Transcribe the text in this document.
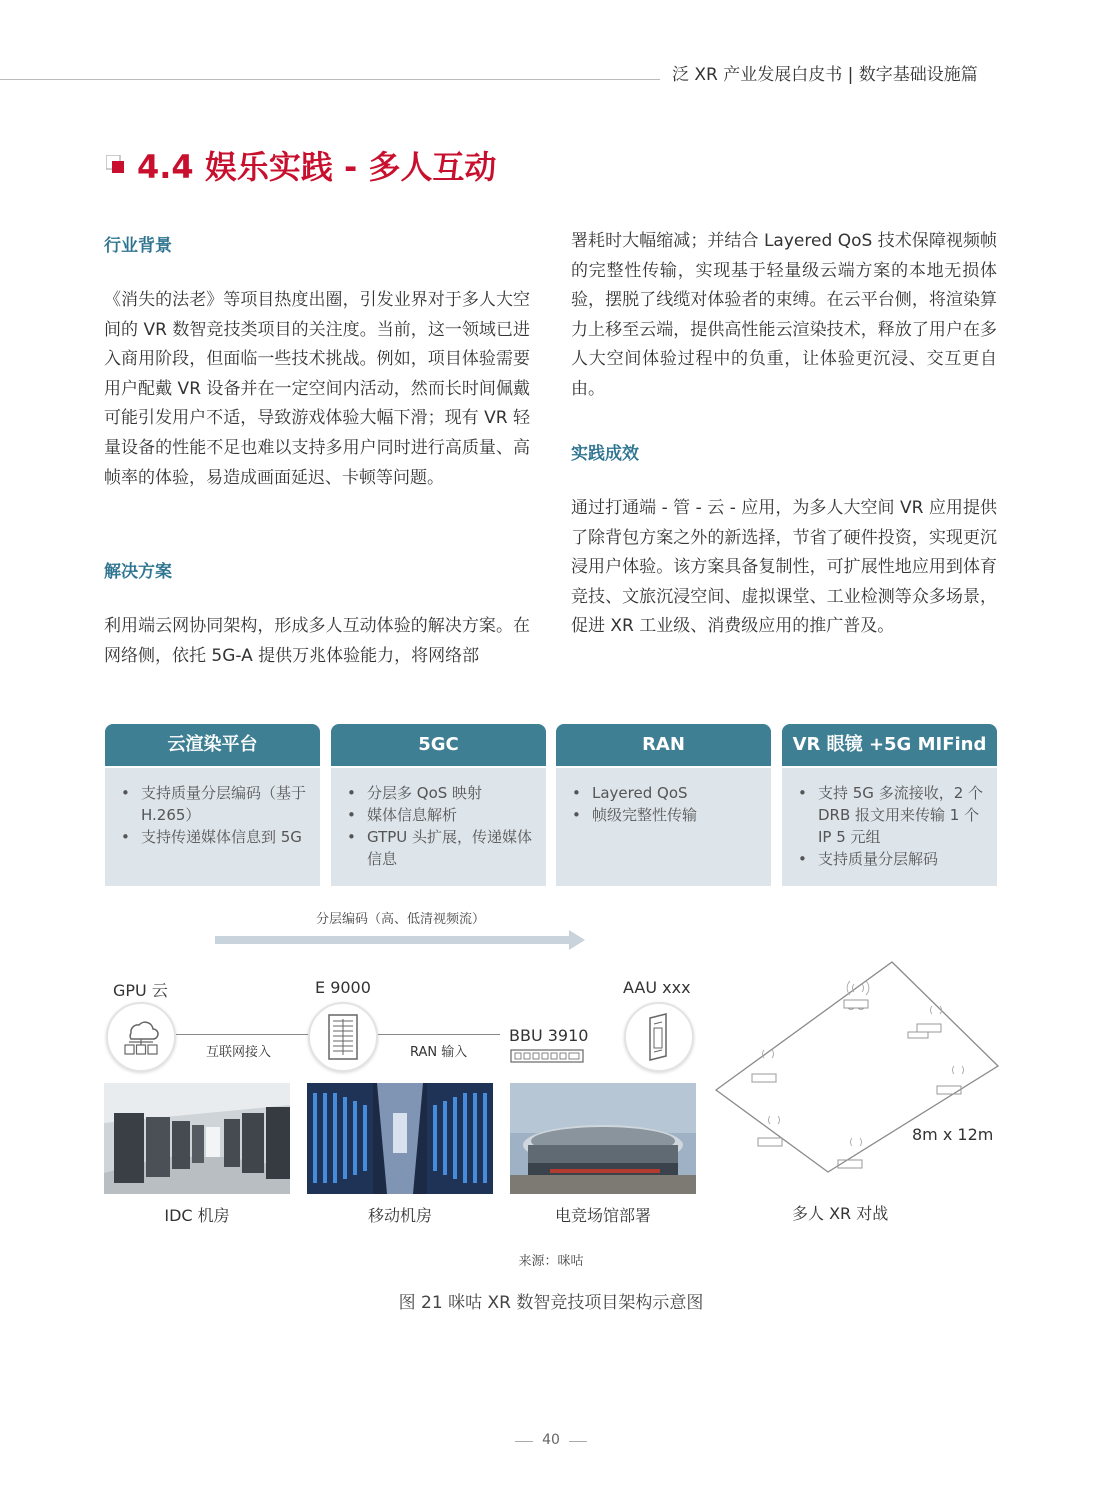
泛 XR 产业发展白皮书 | 数字基础设施篇
4.4 娱乐实践 - 多人互动
行业背景
《消失的法老》等项目热度出圈，引发业界对于多人大空间的 VR 数智竞技类项目的关注度。当前，这一领域已进入商用阶段，但面临一些技术挑战。例如，项目体验需要用户配戴 VR 设备并在一定空间内活动，然而长时间佩戴可能引发用户不适，导致游戏体验大幅下滑；现有 VR 轻量设备的性能不足也难以支持多用户同时进行高质量、高帧率的体验，易造成画面延迟、卡顿等问题。
解决方案
利用端云网协同架构，形成多人互动体验的解决方案。在网络侧，依托 5G-A 提供万兆体验能力，将网络部
署耗时大幅缩减；并结合 Layered QoS 技术保障视频帧的完整性传输，实现基于轻量级云端方案的本地无损体验，摆脱了线缆对体验者的束缚。在云平台侧，将渲染算力上移至云端，提供高性能云渲染技术，释放了用户在多人大空间体验过程中的负重，让体验更沉浸、交互更自由。
实践成效
通过打通端 - 管 - 云 - 应用，为多人大空间 VR 应用提供了除背包方案之外的新选择，节省了硬件投资，实现更沉浸用户体验。该方案具备复制性，可扩展性地应用到体育竞技、文旅沉浸空间、虚拟课堂、工业检测等众多场景，促进 XR 工业级、消费级应用的推广普及。
云渲染平台
• 支持质量分层编码（基于 H.265）
• 支持传递媒体信息到 5G
5GC
• 分层多 QoS 映射
• 媒体信息解析
• GTPU 头扩展，传递媒体信息
RAN
• Layered QoS
• 帧级完整性传输
VR 眼镜 +5G MIFind
• 支持 5G 多流接收，2 个 DRB 报文用来传输 1 个 IP 5 元组
• 支持质量分层解码
分层编码（高、低清视频流）
GPU 云	E 9000	AAU xxx
BBU 3910
互联网接入	RAN 输入
IDC 机房	移动机房	电竞场馆部署
8m x 12m
多人 XR 对战
来源：咪咕
图 21 咪咕 XR 数智竞技项目架构示意图
40
